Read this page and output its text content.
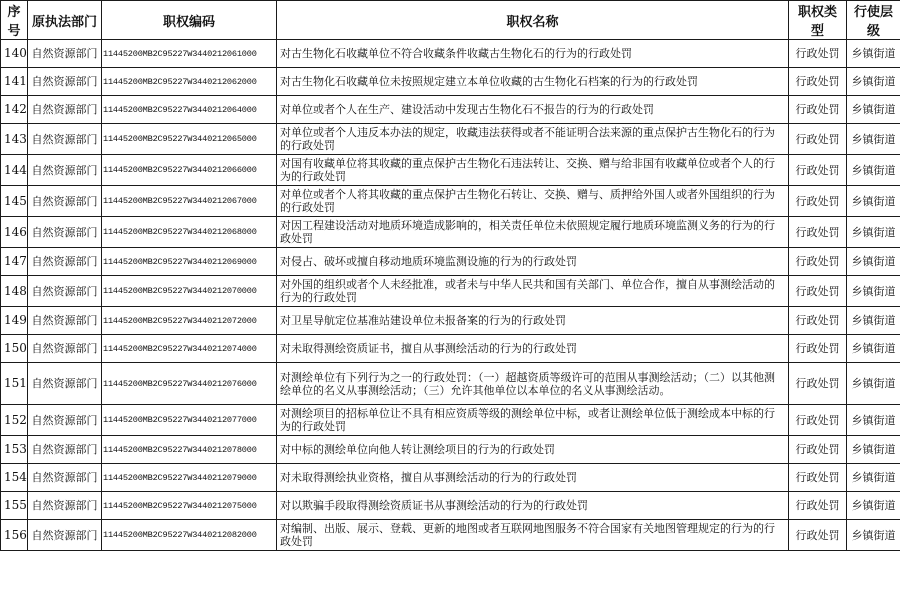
序号	原执法部门	职权编码	职权名称	职权类型	行使层级
140	自然资源部门	11445200MB2C95227W3440212061000	对古生物化石收藏单位不符合收藏条件收藏古生物化石的行为的行政处罚	行政处罚	乡镇街道
141	自然资源部门	11445200MB2C95227W3440212062000	对古生物化石收藏单位未按照规定建立本单位收藏的古生物化石档案的行为的行政处罚	行政处罚	乡镇街道
142	自然资源部门	11445200MB2C95227W3440212064000	对单位或者个人在生产、建设活动中发现古生物化石不报告的行为的行政处罚	行政处罚	乡镇街道
143	自然资源部门	11445200MB2C95227W3440212065000	对单位或者个人违反本办法的规定，收藏违法获得或者不能证明合法来源的重点保护古生物化石的行为的行政处罚	行政处罚	乡镇街道
144	自然资源部门	11445200MB2C95227W3440212066000	对国有收藏单位将其收藏的重点保护古生物化石违法转让、交换、赠与给非国有收藏单位或者个人的行为的行政处罚	行政处罚	乡镇街道
145	自然资源部门	11445200MB2C95227W3440212067000	对单位或者个人将其收藏的重点保护古生物化石转让、交换、赠与、质押给外国人或者外国组织的行为的行政处罚	行政处罚	乡镇街道
146	自然资源部门	11445200MB2C95227W3440212068000	对因工程建设活动对地质环境造成影响的，相关责任单位未依照规定履行地质环境监测义务的行为的行政处罚	行政处罚	乡镇街道
147	自然资源部门	11445200MB2C95227W3440212069000	对侵占、破坏或擅自移动地质环境监测设施的行为的行政处罚	行政处罚	乡镇街道
148	自然资源部门	11445200MB2C95227W3440212070000	对外国的组织或者个人未经批准，或者未与中华人民共和国有关部门、单位合作，擅自从事测绘活动的行为的行政处罚	行政处罚	乡镇街道
149	自然资源部门	11445200MB2C95227W3440212072000	对卫星导航定位基准站建设单位未报备案的行为的行政处罚	行政处罚	乡镇街道
150	自然资源部门	11445200MB2C95227W3440212074000	对未取得测绘资质证书，擅自从事测绘活动的行为的行政处罚	行政处罚	乡镇街道
151	自然资源部门	11445200MB2C95227W3440212076000	对测绘单位有下列行为之一的行政处罚：（一）超越资质等级许可的范围从事测绘活动；（二）以其他测绘单位的名义从事测绘活动；（三）允许其他单位以本单位的名义从事测绘活动。	行政处罚	乡镇街道
152	自然资源部门	11445200MB2C95227W3440212077000	对测绘项目的招标单位让不具有相应资质等级的测绘单位中标，或者让测绘单位低于测绘成本中标的行为的行政处罚	行政处罚	乡镇街道
153	自然资源部门	11445200MB2C95227W3440212078000	对中标的测绘单位向他人转让测绘项目的行为的行政处罚	行政处罚	乡镇街道
154	自然资源部门	11445200MB2C95227W3440212079000	对未取得测绘执业资格，擅自从事测绘活动的行为的行政处罚	行政处罚	乡镇街道
155	自然资源部门	11445200MB2C95227W3440212075000	对以欺骗手段取得测绘资质证书从事测绘活动的行为的行政处罚	行政处罚	乡镇街道
156	自然资源部门	11445200MB2C95227W3440212082000	对编制、出版、展示、登载、更新的地图或者互联网地图服务不符合国家有关地图管理规定的行为的行政处罚	行政处罚	乡镇街道
